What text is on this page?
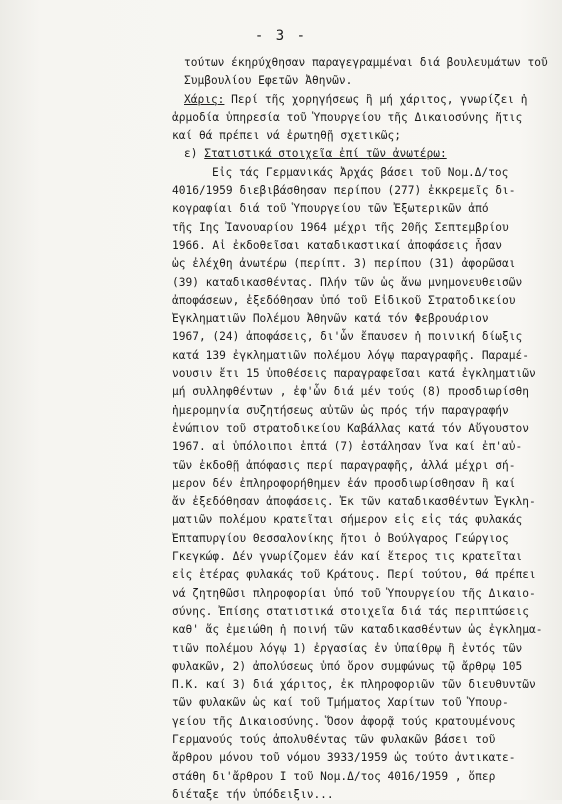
- 3 -
τούτων έκηρύχθησαν παραγεγραμμέναι διά βουλευμάτων τοῦ
Συμβουλίου Εφετῶν Ἀθηνῶν.
Χάρις: Περί τῆς χορηγήσεως ἢ μή χάριτος, γνωρίζει ἡ
ἁρμοδία ὑπηρεσία τοῦ Ὑπουργείου τῆς Δικαιοσύνης ἥτις
καί θά πρέπει νά ἐρωτηθῇ σχετικῶς;
ε) Στατιστικά στοιχεῖα ἐπί τῶν ἀνωτέρω:
Εἰς τάς Γερμανικάς Ἀρχάς βάσει τοῦ Νομ.Δ/τος
4016/1959 διεβιβάσθησαν περίπου (277) ἐκκρεμεῖς δι-
κογραφίαι διά τοῦ Ὑπουργείου τῶν Ἐξωτερικῶν ἀπό
τῆς Ιης Ἰανουαρίου 1964 μέχρι τῆς 20ῆς Σεπτεμβρίου
1966. Αἱ ἐκδοθεῖσαι καταδικαστικαί ἀποφάσεις ἦσαν
ὡς ἐλέχθη ἀνωτέρω (περίπτ. 3) περίπου (31) ἀφορῶσαι
(39) καταδικασθέντας. Πλήν τῶν ὡς ἄνω μνημονευθεισῶν
ἀποφάσεων, ἐξεδόθησαν ὑπό τοῦ Εἰδικοῦ Στρατοδικείου
Ἐγκληματιῶν Πολέμου Ἀθηνῶν κατά τόν Φεβρουάριον
1967, (24) ἀποφάσεις, δι'ὧν ἔπαυσεν ἡ ποινική δίωξις
κατά 139 ἐγκληματιῶν πολέμου λόγῳ παραγραφῆς. Παραμέ-
νουσιν ἔτι 15 ὑποθέσεις παραγραφεῖσαι κατά ἐγκληματιῶν
μή συλληφθέντων , ἐφ'ὧν διά μέν τούς (8) προσδιωρίσθη
ἡμερομηνία συζητήσεως αὐτῶν ὡς πρός τήν παραγραφήν
ἐνώπιον τοῦ στρατοδικείου Καβάλλας κατά τόν Αὔγουστον
1967. αἱ ὑπόλοιποι ἑπτά (7) ἐστάλησαν ἵνα καί ἐπ'αὐ-
τῶν ἐκδοθῇ ἀπόφασις περί παραγραφῆς, ἀλλά μέχρι σή-
μερον δέν ἐπληροφορήθημεν ἐάν προσδιωρίσθησαν ἢ καί
ἄν ἐξεδόθησαν ἀποφάσεις. Ἐκ τῶν καταδικασθέντων Ἐγκλη-
ματιῶν πολέμου κρατεῖται σήμερον εἰς εἰς τάς φυλακάς
Ἑπταπυργίου Θεσσαλονίκης ἤτοι ὁ Βούλγαρος Γεώργιος
Γκεγκώφ. Δέν γνωρίζομεν ἐάν καί ἕτερος τις κρατεῖται
εἰς ἑτέρας φυλακάς τοῦ Κράτους. Περί τούτου, θά πρέπει
νά ζητηθῶσι πληροφορίαι ὑπό τοῦ Ὑπουργείου τῆς Δικαιο-
σύνης. Ἐπίσης στατιστικά στοιχεῖα διά τάς περιπτώσεις
καθ' ἅς ἐμειώθη ἡ ποινή τῶν καταδικασθέντων ὡς ἐγκλημα-
τιῶν πολέμου λόγῳ 1) ἐργασίας ἐν ὑπαίθρῳ ἢ ἐντός τῶν
φυλακῶν, 2) ἀπολύσεως ὑπό ὅρον συμφώνως τῷ ἄρθρῳ 105
Π.Κ. καί 3) διά χάριτος, ἐκ πληροφοριῶν τῶν διευθυντῶν
τῶν φυλακῶν ὡς καί τοῦ Τμήματος Χαρίτων τοῦ Ὑπουρ-
γείου τῆς Δικαιοσύνης. Ὅσον ἀφορᾷ τούς κρατουμένους
Γερμανούς τούς ἀπολυθέντας τῶν φυλακῶν βάσει τοῦ
ἄρθρου μόνου τοῦ νόμου 3933/1959 ὡς τούτο ἀντικατε-
στάθη δι'ἄρθρου I τοῦ Νομ.Δ/τος 4016/1959 , ὅπερ
διέταξε τήν ὑπόδειξιν...
